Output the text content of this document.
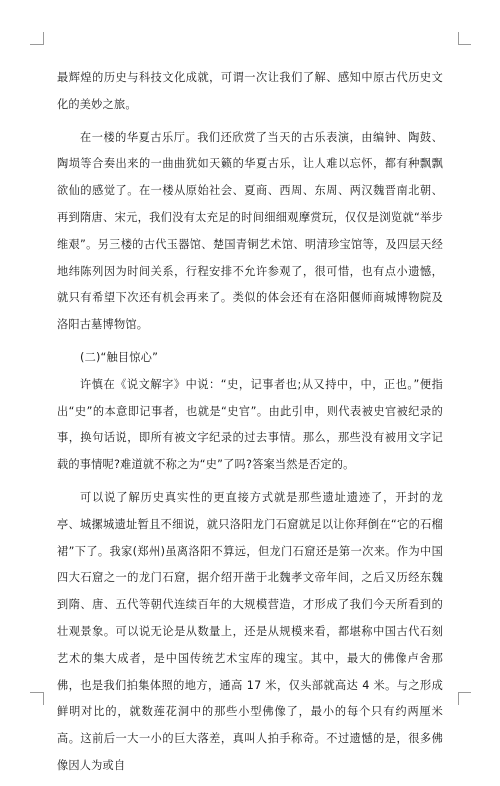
最辉煌的历史与科技文化成就，可谓一次让我们了解、感知中原古代历史文化的美妙之旅。

在一楼的华夏古乐厅。我们还欣赏了当天的古乐表演，由编钟、陶鼓、陶埙等合奏出来的一曲曲犹如天籁的华夏古乐，让人难以忘怀，都有种飘飘欲仙的感觉了。在一楼从原始社会、夏商、西周、东周、两汉魏晋南北朝、再到隋唐、宋元，我们没有太充足的时间细细观摩赏玩，仅仅是浏览就“举步维艰”。另三楼的古代玉器馆、楚国青铜艺术馆、明清珍宝馆等，及四层天经地纬陈列因为时间关系，行程安排不允许参观了，很可惜，也有点小遗憾，就只有希望下次还有机会再来了。类似的体会还有在洛阳偃师商城博物院及洛阳古墓博物馆。

(二)“触目惊心”

许慎在《说文解字》中说：“史，记事者也;从又持中，中，正也。”便指出“史”的本意即记事者，也就是“史官”。由此引申，则代表被史官被纪录的事，换句话说，即所有被文字纪录的过去事情。那么，那些没有被用文字记载的事情呢?难道就不称之为“史”了吗?答案当然是否定的。

可以说了解历史真实性的更直接方式就是那些遗址遗迹了，开封的龙亭、城摞城遗址暂且不细说，就只洛阳龙门石窟就足以让你拜倒在“它的石榴裙”下了。我家(郑州)虽离洛阳不算远，但龙门石窟还是第一次来。作为中国四大石窟之一的龙门石窟，据介绍开凿于北魏孝文帝年间，之后又历经东魏到隋、唐、五代等朝代连续百年的大规模营造，才形成了我们今天所看到的壮观景象。可以说无论是从数量上，还是从规模来看，都堪称中国古代石刻艺术的集大成者，是中国传统艺术宝库的瑰宝。其中，最大的佛像卢舍那佛，也是我们拍集体照的地方，通高 17 米，仅头部就高达 4 米。与之形成鲜明对比的，就数莲花洞中的那些小型佛像了，最小的每个只有约两厘米高。这前后一大一小的巨大落差，真叫人拍手称奇。不过遗憾的是，很多佛像因人为或自
